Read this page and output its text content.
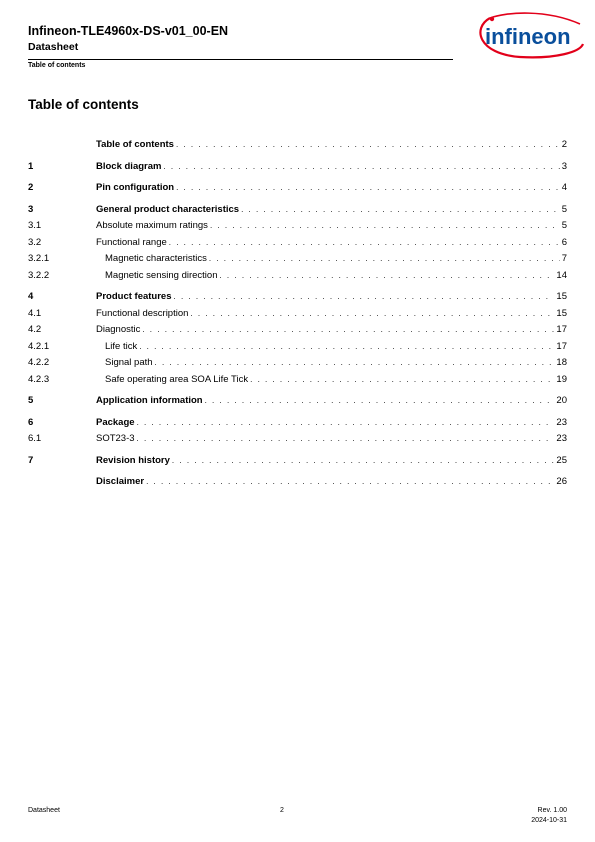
Infineon-TLE4960x-DS-v01_00-EN
Datasheet
Table of contents
infineon
Table of contents
Table of contents . . .	2
1	Block diagram . . .	3
2	Pin configuration . . .	4
3	General product characteristics . . .	5
3.1	Absolute maximum ratings . . .	5
3.2	Functional range . . .	6
3.2.1	Magnetic characteristics . . .	7
3.2.2	Magnetic sensing direction . . .	14
4	Product features . . .	15
4.1	Functional description . . .	15
4.2	Diagnostic . . .	17
4.2.1	Life tick . . .	17
4.2.2	Signal path . . .	18
4.2.3	Safe operating area SOA Life Tick . . .	19
5	Application information . . .	20
6	Package . . .	23
6.1	SOT23-3 . . .	23
7	Revision history . . .	25
Disclaimer . . .	26
Datasheet	2	Rev. 1.00
2024-10-31
